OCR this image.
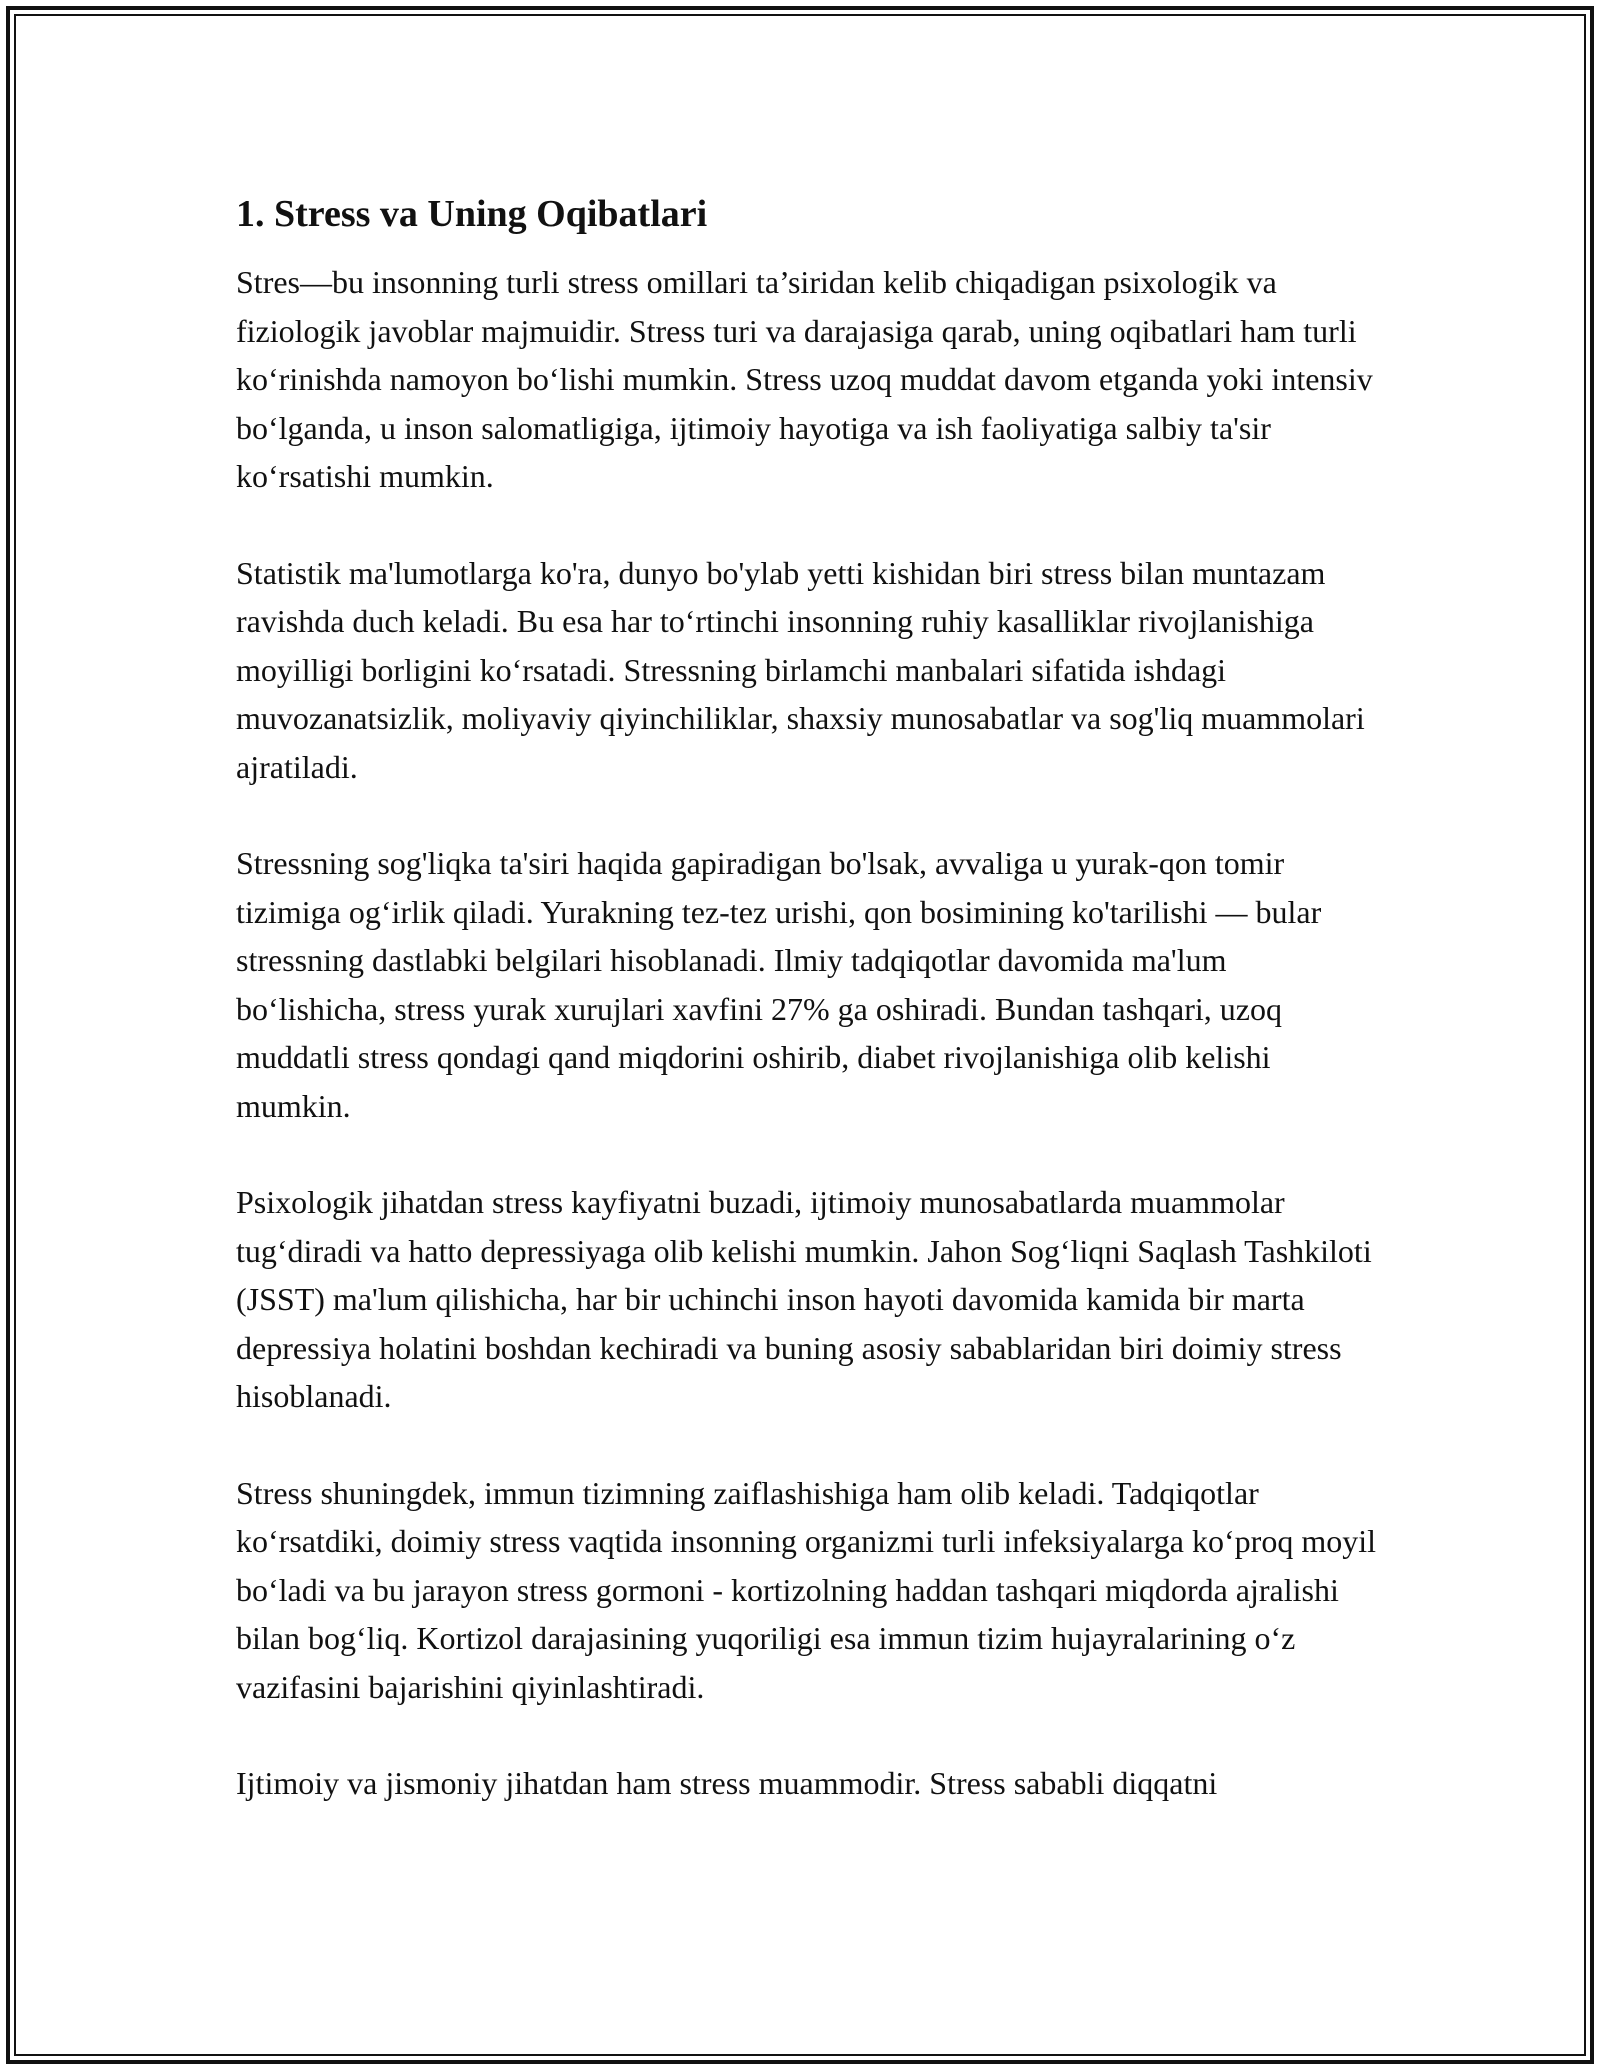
1. Stress va Uning Oqibatlari

Stres—bu insonning turli stress omillari ta’siridan kelib chiqadigan psixologik va fiziologik javoblar majmuidir. Stress turi va darajasiga qarab, uning oqibatlari ham turli koʻrinishda namoyon boʻlishi mumkin. Stress uzoq muddat davom etganda yoki intensiv boʻlganda, u inson salomatligiga, ijtimoiy hayotiga va ish faoliyatiga salbiy ta'sir koʻrsatishi mumkin.

Statistik ma'lumotlarga ko'ra, dunyo bo'ylab yetti kishidan biri stress bilan muntazam ravishda duch keladi. Bu esa har toʻrtinchi insonning ruhiy kasalliklar rivojlanishiga moyilligi borligini koʻrsatadi. Stressning birlamchi manbalari sifatida ishdagi muvozanatsizlik, moliyaviy qiyinchiliklar, shaxsiy munosabatlar va sog'liq muammolari ajratiladi.

Stressning sog'liqka ta'siri haqida gapiradigan bo'lsak, avvaliga u yurak-qon tomir tizimiga ogʻirlik qiladi. Yurakning tez-tez urishi, qon bosimining ko'tarilishi — bular stressning dastlabki belgilari hisoblanadi. Ilmiy tadqiqotlar davomida ma'lum boʻlishicha, stress yurak xurujlari xavfini 27% ga oshiradi. Bundan tashqari, uzoq muddatli stress qondagi qand miqdorini oshirib, diabet rivojlanishiga olib kelishi mumkin.

Psixologik jihatdan stress kayfiyatni buzadi, ijtimoiy munosabatlarda muammolar tugʻdiradi va hatto depressiyaga olib kelishi mumkin. Jahon Sogʻliqni Saqlash Tashkiloti (JSST) ma'lum qilishicha, har bir uchinchi inson hayoti davomida kamida bir marta depressiya holatini boshdan kechiradi va buning asosiy sabablaridan biri doimiy stress hisoblanadi.

Stress shuningdek, immun tizimning zaiflashishiga ham olib keladi. Tadqiqotlar koʻrsatdiki, doimiy stress vaqtida insonning organizmi turli infeksiyalarga koʻproq moyil boʻladi va bu jarayon stress gormoni - kortizolning haddan tashqari miqdorda ajralishi bilan bogʻliq. Kortizol darajasining yuqoriligi esa immun tizim hujayralarining oʻz vazifasini bajarishini qiyinlashtiradi.

Ijtimoiy va jismoniy jihatdan ham stress muammodir. Stress sababli diqqatni
